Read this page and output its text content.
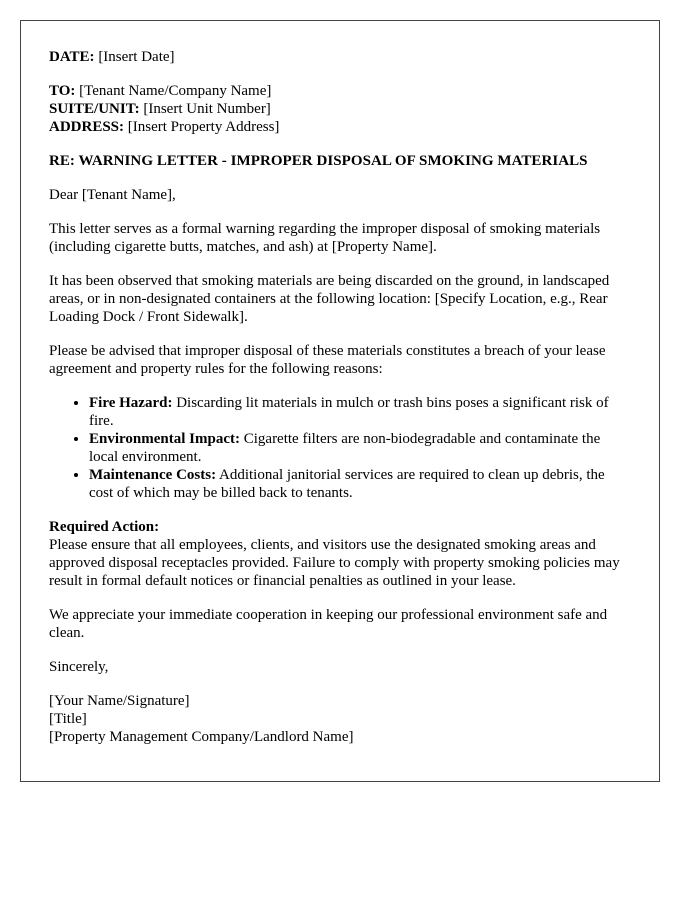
DATE: [Insert Date]

TO: [Tenant Name/Company Name]

SUITE/UNIT: [Insert Unit Number]

ADDRESS: [Insert Property Address]

RE: WARNING LETTER - IMPROPER DISPOSAL OF SMOKING MATERIALS

Dear [Tenant Name],

This letter serves as a formal warning regarding the improper disposal of smoking materials (including cigarette butts, matches, and ash) at [Property Name].

It has been observed that smoking materials are being discarded on the ground, in landscaped areas, or in non-designated containers at the following location: [Specify Location, e.g., Rear Loading Dock / Front Sidewalk].

Please be advised that improper disposal of these materials constitutes a breach of your lease agreement and property rules for the following reasons:

• Fire Hazard: Discarding lit materials in mulch or trash bins poses a significant risk of fire.
• Environmental Impact: Cigarette filters are non-biodegradable and contaminate the local environment.
• Maintenance Costs: Additional janitorial services are required to clean up debris, the cost of which may be billed back to tenants.

Required Action:

Please ensure that all employees, clients, and visitors use the designated smoking areas and approved disposal receptacles provided. Failure to comply with property smoking policies may result in formal default notices or financial penalties as outlined in your lease.

We appreciate your immediate cooperation in keeping our professional environment safe and clean.

Sincerely,

[Your Name/Signature]

[Title]

[Property Management Company/Landlord Name]
